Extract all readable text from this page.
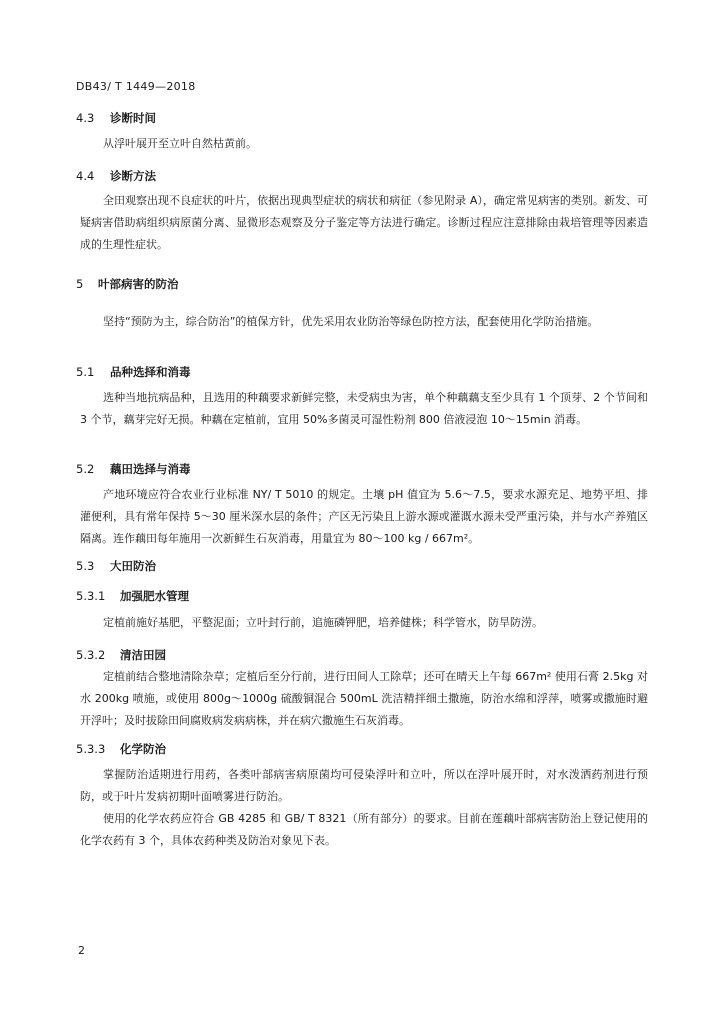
DB43/ T 1449—2018
4.3 诊断时间
从浮叶展开至立叶自然枯黄前。
4.4 诊断方法
全田观察出现不良症状的叶片，依据出现典型症状的病状和病征（参见附录 A），确定常见病害的类别。新发、可疑病害借助病组织病原菌分离、显微形态观察及分子鉴定等方法进行确定。诊断过程应注意排除由栽培管理等因素造成的生理性症状。
5 叶部病害的防治
坚持“预防为主，综合防治”的植保方针，优先采用农业防治等绿色防控方法，配套使用化学防治措施。
5.1 品种选择和消毒
选种当地抗病品种，且选用的种藕要求新鲜完整，未受病虫为害，单个种藕藕支至少具有 1 个顶芽、2 个节间和 3 个节，藕芽完好无损。种藕在定植前，宜用 50%多菌灵可湿性粉剂 800 倍液浸泡 10～15min 消毒。
5.2 藕田选择与消毒
产地环境应符合农业行业标准 NY/ T 5010 的规定。土壤 pH 值宜为 5.6～7.5，要求水源充足、地势平坦、排灌便利，具有常年保持 5～30 厘米深水层的条件；产区无污染且上游水源或灌溉水源未受严重污染，并与水产养殖区隔离。连作藕田每年施用一次新鲜生石灰消毒，用量宜为 80～100 kg / 667m²。
5.3 大田防治
5.3.1 加强肥水管理
定植前施好基肥，平整泥面；立叶封行前，追施磷钾肥，培养健株；科学管水，防旱防涝。
5.3.2 清洁田园
定植前结合整地清除杂草；定植后至分行前，进行田间人工除草；还可在晴天上午每 667m² 使用石膏 2.5kg 对水 200kg 喷施，或使用 800g～1000g 硫酸铜混合 500mL 洗洁精拌细土撒施，防治水绵和浮萍，喷雾或撒施时避开浮叶；及时拔除田间腐败病发病病株，并在病穴撒施生石灰消毒。
5.3.3 化学防治
掌握防治适期进行用药，各类叶部病害病原菌均可侵染浮叶和立叶，所以在浮叶展开时，对水泼洒药剂进行预防，或于叶片发病初期叶面喷雾进行防治。
使用的化学农药应符合 GB 4285 和 GB/ T 8321（所有部分）的要求。目前在莲藕叶部病害防治上登记使用的化学农药有 3 个，具体农药种类及防治对象见下表。
2
